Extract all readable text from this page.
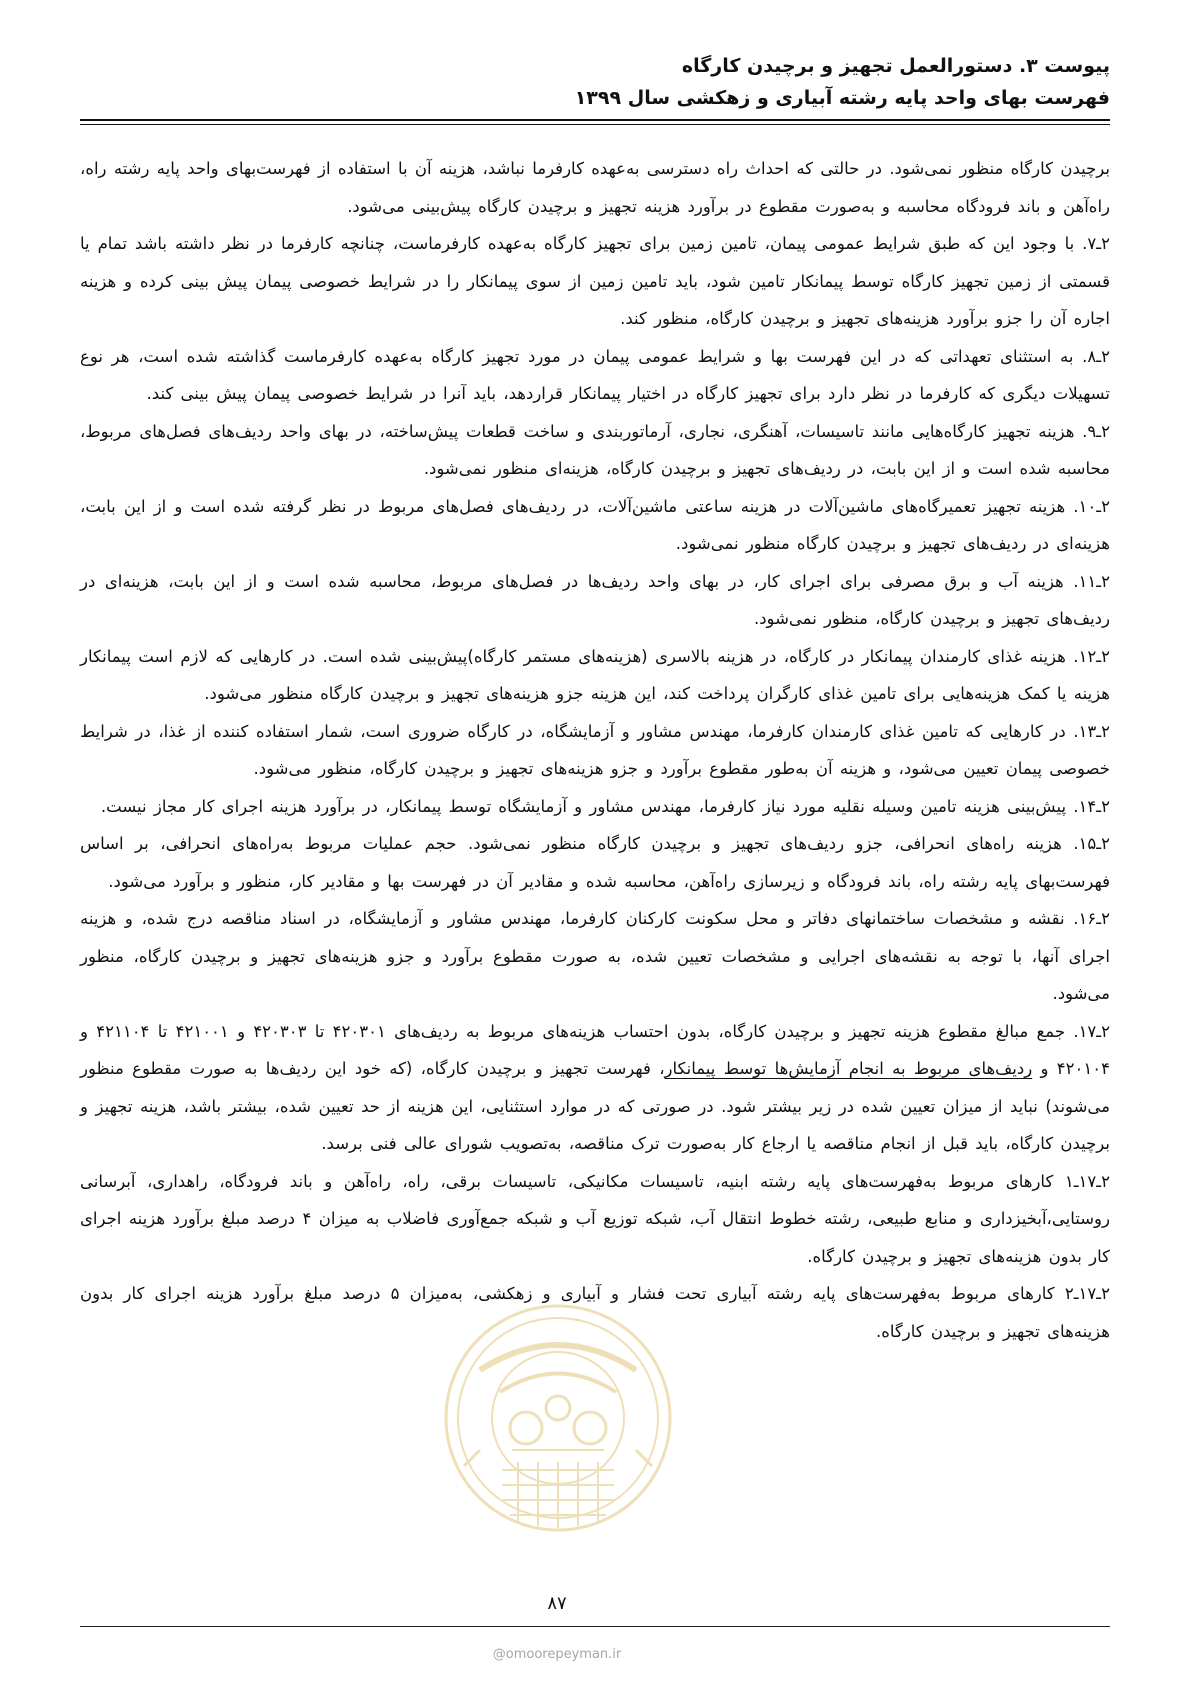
پیوست ۳. دستورالعمل تجهیز و برچیدن کارگاه
فهرست بهای واحد پایه رشته آبیاری و زهکشی سال ۱۳۹۹

برچیدن کارگاه منظور نمی‌شود. در حالتی که احداث راه دسترسی به‌عهده کارفرما نباشد، هزینه آن با استفاده از فهرست‌بهای واحد پایه رشته راه، راه‌آهن و باند فرودگاه محاسبه و به‌صورت مقطوع در برآورد هزینه تجهیز و برچیدن کارگاه پیش‌بینی می‌شود.

۲ـ۷. با وجود این که طبق شرایط عمومی پیمان، تامین زمین برای تجهیز کارگاه به‌عهده کارفرماست، چنانچه کارفرما در نظر داشته باشد تمام یا قسمتی از زمین تجهیز کارگاه توسط پیمانکار تامین شود، باید تامین زمین از سوی پیمانکار را در شرایط خصوصی پیمان پیش بینی کرده و هزینه اجاره آن را جزو برآورد هزینه‌های تجهیز و برچیدن کارگاه، منظور کند.

۲ـ۸. به استثنای تعهداتی که در این فهرست بها و شرایط عمومی پیمان در مورد تجهیز کارگاه به‌عهده کارفرماست گذاشته شده است، هر نوع تسهیلات دیگری که کارفرما در نظر دارد برای تجهیز کارگاه در اختیار پیمانکار قراردهد، باید آنرا در شرایط خصوصی پیمان پیش بینی کند.

۲ـ۹. هزینه تجهیز کارگاه‌هایی مانند تاسیسات، آهنگری، نجاری، آرماتوربندی و ساخت قطعات پیش‌ساخته، در بهای واحد ردیف‌های فصل‌های مربوط، محاسبه شده است و از این بابت، در ردیف‌های تجهیز و برچیدن کارگاه، هزینه‌ای منظور نمی‌شود.

۲ـ۱۰. هزینه تجهیز تعمیرگاه‌های ماشین‌آلات در هزینه ساعتی ماشین‌آلات، در ردیف‌های فصل‌های مربوط در نظر گرفته شده است و از این بابت، هزینه‌ای در ردیف‌های تجهیز و برچیدن کارگاه منظور نمی‌شود.

۲ـ۱۱. هزینه آب و برق مصرفی برای اجرای کار، در بهای واحد ردیف‌ها در فصل‌های مربوط، محاسبه شده است و از این بابت، هزینه‌ای در ردیف‌های تجهیز و برچیدن کارگاه، منظور نمی‌شود.

۲ـ۱۲. هزینه غذای کارمندان پیمانکار در کارگاه، در هزینه بالاسری (هزینه‌های مستمر کارگاه)پیش‌بینی شده است. در کارهایی که لازم است پیمانکار هزینه یا کمک هزینه‌هایی برای تامین غذای کارگران پرداخت کند، این هزینه جزو هزینه‌های تجهیز و برچیدن کارگاه منظور می‌شود.

۲ـ۱۳. در کارهایی که تامین غذای کارمندان کارفرما، مهندس مشاور و آزمایشگاه، در کارگاه ضروری است، شمار استفاده کننده از غذا، در شرایط خصوصی پیمان تعیین می‌شود، و هزینه آن به‌طور مقطوع برآورد و جزو هزینه‌های تجهیز و برچیدن کارگاه، منظور می‌شود.

۲ـ۱۴. پیش‌بینی هزینه تامین وسیله نقلیه مورد نیاز کارفرما، مهندس مشاور و آزمایشگاه توسط پیمانکار، در برآورد هزینه اجرای کار مجاز نیست.

۲ـ۱۵. هزینه راه‌های انحرافی، جزو ردیف‌های تجهیز و برچیدن کارگاه منظور نمی‌شود. حجم عملیات مربوط به‌راه‌های انحرافی، بر اساس فهرست‌بهای پایه رشته راه، باند فرودگاه و زیرسازی راه‌آهن، محاسبه شده و مقادیر آن در فهرست بها و مقادیر کار، منظور و برآورد می‌شود.

۲ـ۱۶. نقشه و مشخصات ساختمانهای دفاتر و محل سکونت کارکنان کارفرما، مهندس مشاور و آزمایشگاه، در اسناد مناقصه درج شده، و هزینه اجرای آنها، با توجه به نقشه‌های اجرایی و مشخصات تعیین شده، به صورت مقطوع برآورد و جزو هزینه‌های تجهیز و برچیدن کارگاه، منظور می‌شود.

۲ـ۱۷. جمع مبالغ مقطوع هزینه تجهیز و برچیدن کارگاه، بدون احتساب هزینه‌های مربوط به ردیف‌های ۴۲۰۳۰۱ تا ۴۲۰۳۰۳ و ۴۲۱۰۰۱ تا ۴۲۱۱۰۴ و ۴۲۰۱۰۴ و ردیف‌های مربوط به انجام آزمایش‌ها توسط پیمانکار، فهرست تجهیز و برچیدن کارگاه، (که خود این ردیف‌ها به صورت مقطوع منظور می‌شوند) نباید از میزان تعیین شده در زیر بیشتر شود. در صورتی که در موارد استثنایی، این هزینه از حد تعیین شده، بیشتر باشد، هزینه تجهیز و برچیدن کارگاه، باید قبل از انجام مناقصه یا ارجاع کار به‌صورت ترک مناقصه، به‌تصویب شورای عالی فنی برسد.

۲ـ۱۷ـ۱ کارهای مربوط به‌فهرست‌های پایه رشته ابنیه، تاسیسات مکانیکی، تاسیسات برقی، راه، راه‌آهن و باند فرودگاه، راهداری، آبرسانی روستایی،آبخیزداری و منابع طبیعی، رشته خطوط انتقال آب، شبکه توزیع آب و شبکه جمع‌آوری فاضلاب به میزان ۴ درصد مبلغ برآورد هزینه اجرای کار بدون هزینه‌های تجهیز و برچیدن کارگاه.

۲ـ۱۷ـ۲ کارهای مربوط به‌فهرست‌های پایه رشته آبیاری تحت فشار و آبیاری و زهکشی، به‌میزان ۵ درصد مبلغ برآورد هزینه اجرای کار بدون هزینه‌های تجهیز و برچیدن کارگاه.

۸۷
@omoorepeyman.ir
